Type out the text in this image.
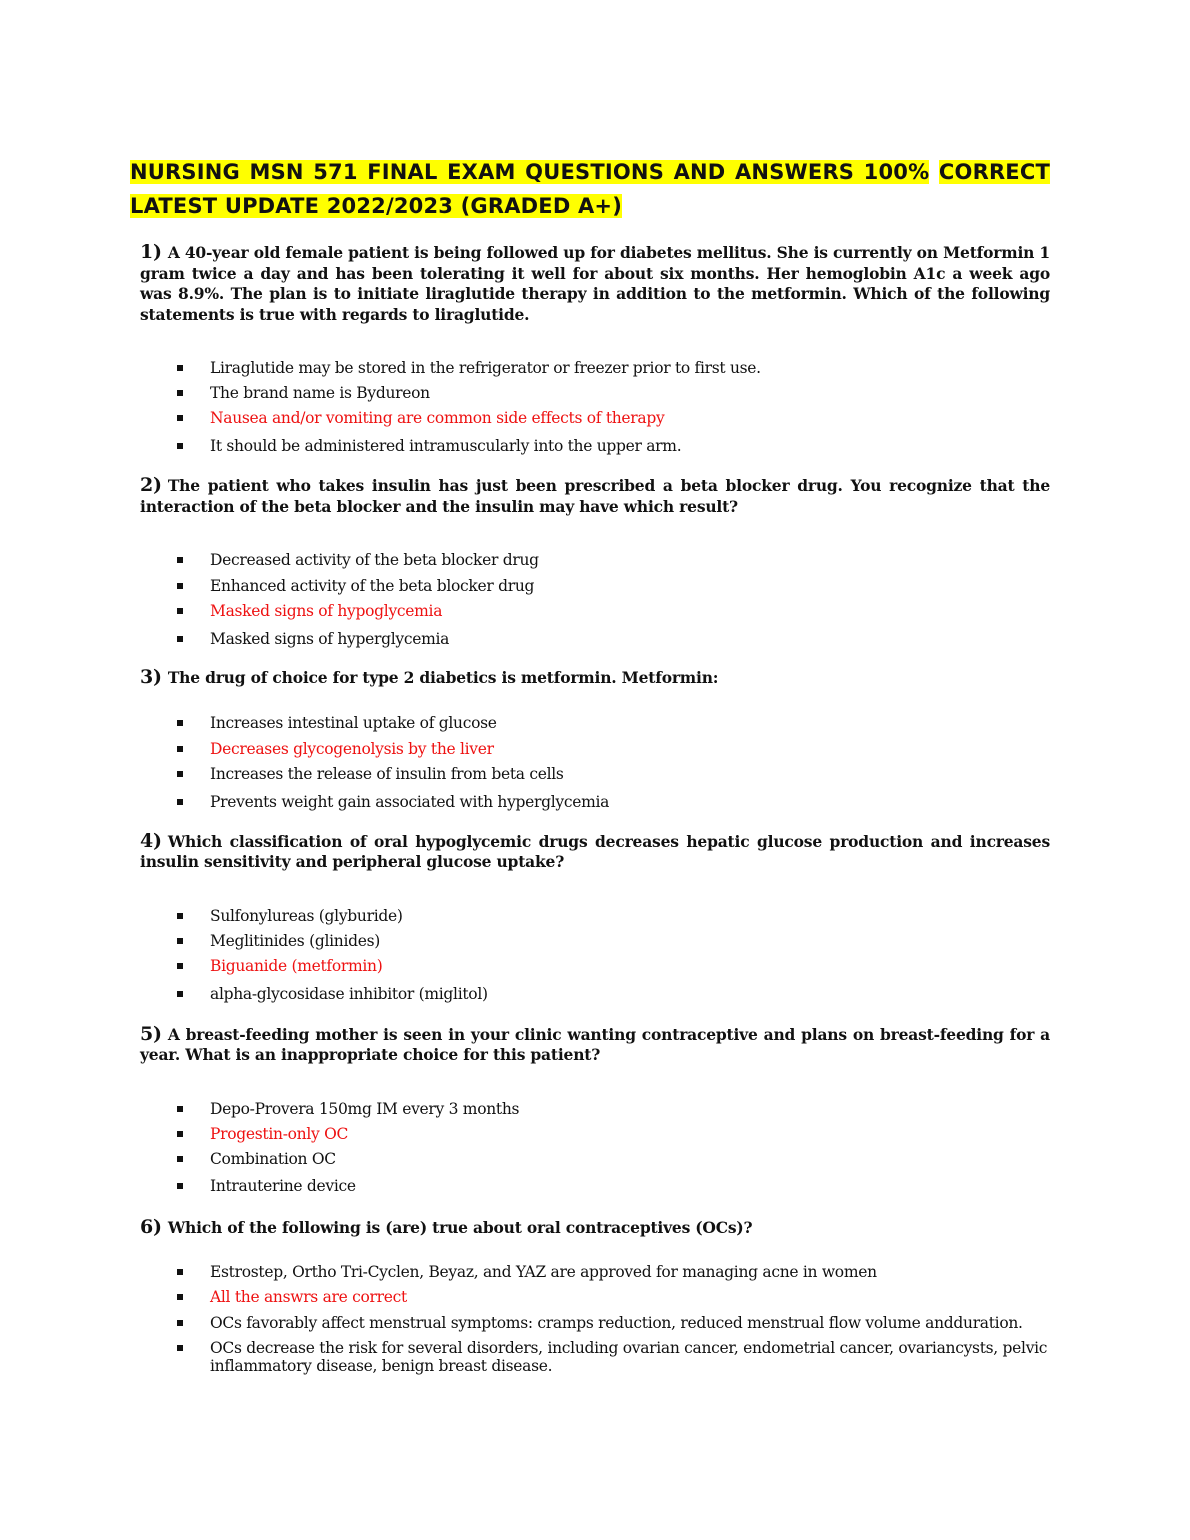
NURSING MSN 571 FINAL EXAM QUESTIONS AND ANSWERS 100% CORRECT LATEST UPDATE 2022/2023 (GRADED A+)

1) A 40-year old female patient is being followed up for diabetes mellitus. She is currently on Metformin 1 gram twice a day and has been tolerating it well for about six months. Her hemoglobin A1c a week ago was 8.9%. The plan is to initiate liraglutide therapy in addition to the metformin. Which of the following statements is true with regards to liraglutide.

Liraglutide may be stored in the refrigerator or freezer prior to first use.
The brand name is Bydureon
Nausea and/or vomiting are common side effects of therapy
It should be administered intramuscularly into the upper arm.

2) The patient who takes insulin has just been prescribed a beta blocker drug. You recognize that the interaction of the beta blocker and the insulin may have which result?

Decreased activity of the beta blocker drug
Enhanced activity of the beta blocker drug
Masked signs of hypoglycemia
Masked signs of hyperglycemia

3) The drug of choice for type 2 diabetics is metformin. Metformin:

Increases intestinal uptake of glucose
Decreases glycogenolysis by the liver
Increases the release of insulin from beta cells
Prevents weight gain associated with hyperglycemia

4) Which classification of oral hypoglycemic drugs decreases hepatic glucose production and increases insulin sensitivity and peripheral glucose uptake?

Sulfonylureas (glyburide)
Meglitinides (glinides)
Biguanide (metformin)
alpha-glycosidase inhibitor (miglitol)

5) A breast-feeding mother is seen in your clinic wanting contraceptive and plans on breast-feeding for a year. What is an inappropriate choice for this patient?

Depo-Provera 150mg IM every 3 months
Progestin-only OC
Combination OC
Intrauterine device

6) Which of the following is (are) true about oral contraceptives (OCs)?

Estrostep, Ortho Tri-Cyclen, Beyaz, and YAZ are approved for managing acne in women
All the answrs are correct
OCs favorably affect menstrual symptoms: cramps reduction, reduced menstrual flow volume andduration.
OCs decrease the risk for several disorders, including ovarian cancer, endometrial cancer, ovariancysts, pelvic inflammatory disease, benign breast disease.
